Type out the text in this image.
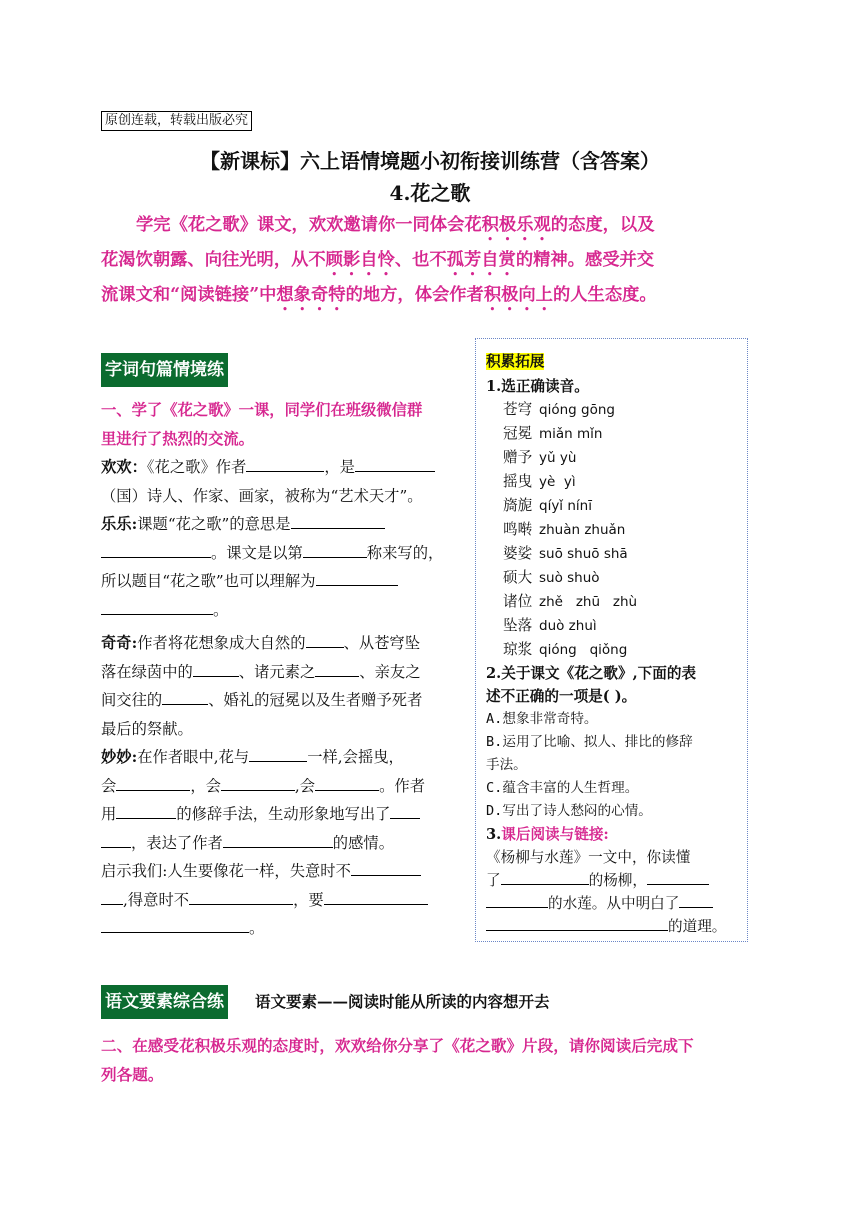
原创连载，转载出版必究
【新课标】六上语情境题小初衔接训练营（含答案）
4.花之歌

学完《花之歌》课文，欢欢邀请你一同体会花积极乐观的态度，以及

花渴饮朝露、向往光明，从不顾影自怜、也不孤芳自赏的精神。感受并交

流课文和“阅读链接”中想象奇特的地方，体会作者积极向上的人生态度。

字词句篇情境练

一、学了《花之歌》一课，同学们在班级微信群

里进行了热烈的交流。

欢欢：《花之歌》作者	，是

（国）诗人、作家、画家，被称为“艺术天才”。

乐乐:课题“花之歌”的意思是

。课文是以第	称来写的，

所以题目“花之歌”也可以理解为

。

奇奇:作者将花想象成大自然的 、从苍穹坠

落在绿茵中的	、诸元素之	、亲友之

间交往的	、婚礼的冠冕以及生者赠予死者

最后的祭献。

妙妙:在作者眼中,花与	一样,会摇曳，

会	，会	,会	。作者

用	的修辞手法，生动形象地写出了

，表达了作者	的感情。

启示我们:人生要像花一样，失意时不

,得意时不	，要

。

积累拓展

1.选正确读音。

苍穹 qióng gōng

冠冕 miǎn mǐn

赠予 yǔ yù

摇曳 yè  yì

旖旎 qíyǐ nínī

鸣啭 zhuàn zhuǎn

婆娑 suō shuō shā

硕大 suò shuò

诸位 zhě   zhū   zhù

坠落 duò zhuì

琼浆 qióng   qiǒng

2.关于课文《花之歌》,下面的表

述不正确的一项是( )。

A.想象非常奇特。

B.运用了比喻、拟人、排比的修辞

手法。

C.蕴含丰富的人生哲理。

D.写出了诗人愁闷的心情。

3.课后阅读与链接:

《杨柳与水莲》一文中，你读懂

了	的杨柳，

的水莲。从中明白了

的道理。

语文要素综合练 语文要素——阅读时能从所读的内容想开去

二、在感受花积极乐观的态度时，欢欢给你分享了《花之歌》片段，请你阅读后完成下

列各题。
